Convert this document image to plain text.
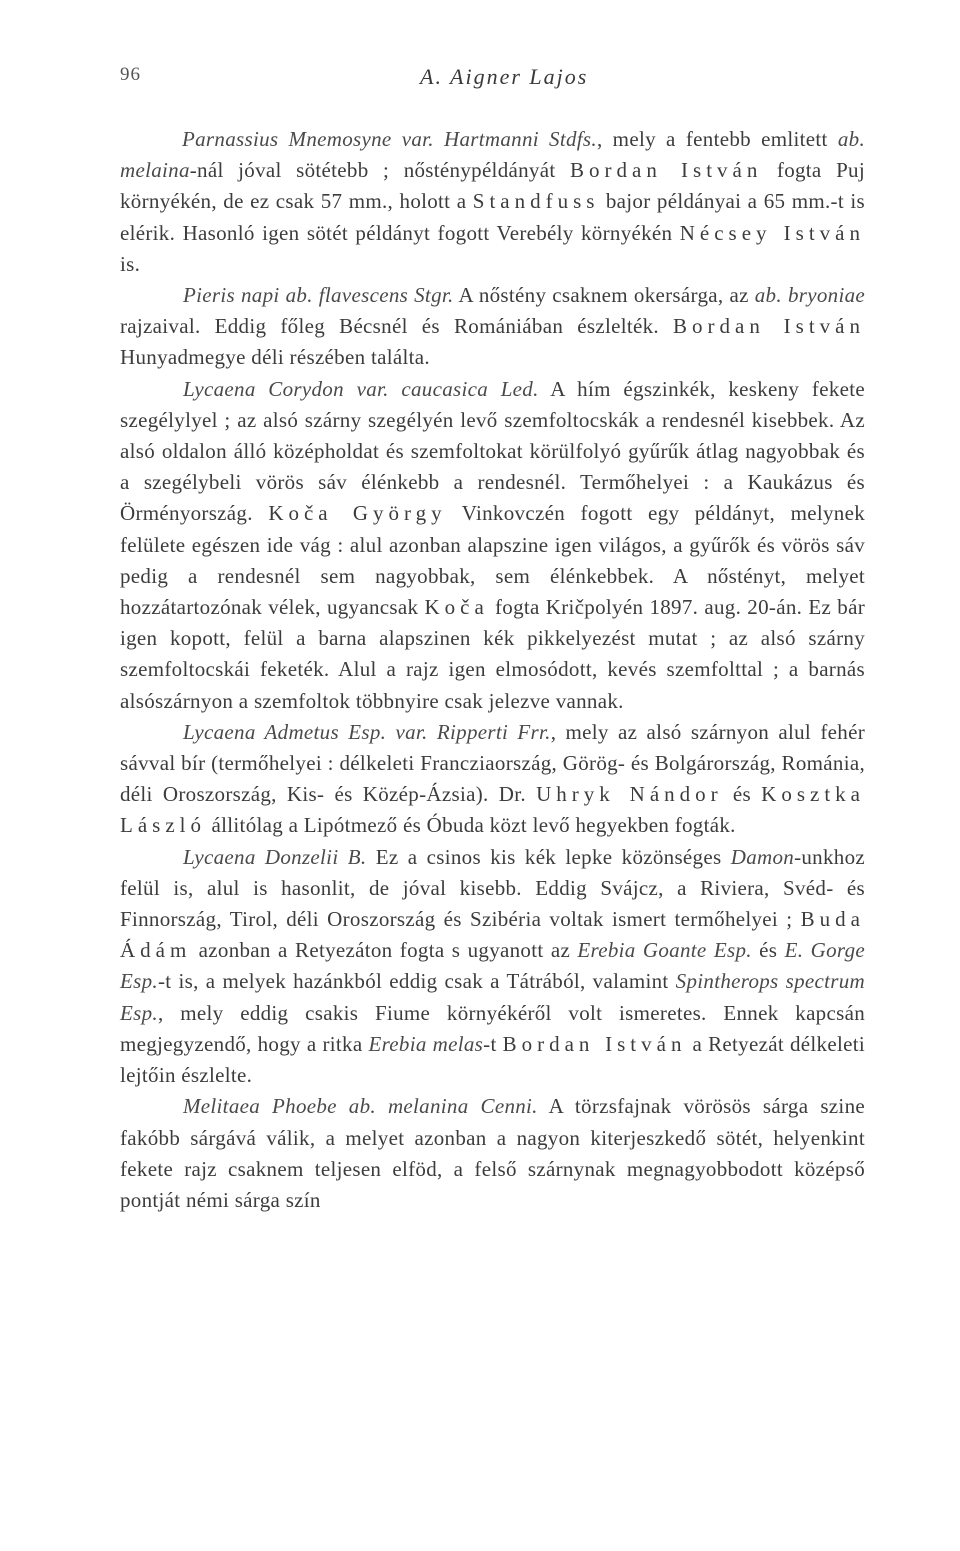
96	A. Aigner Lajos

Parnassius Mnemosyne var. Hartmanni Stdfs., mely a fentebb emlitett ab. melaina-nál jóval sötétebb ; nősténypéldányát Bordan István fogta Puj környékén, de ez csak 57 mm., holott a Standfuss bajor példányai a 65 mm.-t is elérik. Hasonló igen sötét példányt fogott Verebély környékén Nécsey István is.

Pieris napi ab. flavescens Stgr. A nőstény csaknem okersárga, az ab. bryoniae rajzaival. Eddig főleg Bécsnél és Romániában észlelték. Bordan István Hunyadmegye déli részében találta.

Lycaena Corydon var. caucasica Led. A hím égszinkék, keskeny fekete szegélylyel ; az alsó szárny szegélyén levő szemfoltocskák a rendesnél kisebbek. Az alsó oldalon álló középholdat és szemfoltokat körülfolyó gyűrűk átlag nagyobbak és a szegélybeli vörös sáv élénkebb a rendesnél. Termőhelyei : a Kaukázus és Örményország. Koča György Vinkovczén fogott egy példányt, melynek felülete egészen ide vág : alul azonban alapszine igen világos, a gyűrők és vörös sáv pedig a rendesnél sem nagyobbak, sem élénkebbek. A nőstényt, melyet hozzátartozónak vélek, ugyancsak Koča fogta Kričpolyén 1897. aug. 20-án. Ez bár igen kopott, felül a barna alapszinen kék pikkelyezést mutat ; az alsó szárny szemfoltocskái feketék. Alul a rajz igen elmosódott, kevés szemfolttal ; a barnás alsószárnyon a szemfoltok többnyire csak jelezve vannak.

Lycaena Admetus Esp. var. Ripperti Frr., mely az alsó szárnyon alul fehér sávval bír (termőhelyei : délkeleti Francziaország, Görög- és Bolgárország, Románia, déli Oroszország, Kis- és Közép-Ázsia). Dr. Uhryk Nándor és Kosztka László állitólag a Lipótmező és Óbuda közt levő hegyekben fogták.

Lycaena Donzelii B. Ez a csinos kis kék lepke közönséges Damon-unkhoz felül is, alul is hasonlit, de jóval kisebb. Eddig Svájcz, a Riviera, Svéd- és Finnország, Tirol, déli Oroszország és Szibéria voltak ismert termőhelyei ; Buda Ádám azonban a Retyezáton fogta s ugyanott az Erebia Goante Esp. és E. Gorge Esp.-t is, a melyek hazánkból eddig csak a Tátrából, valamint Spintherops spectrum Esp., mely eddig csakis Fiume környékéről volt ismeretes. Ennek kapcsán megjegyzendő, hogy a ritka Erebia melas-t Bordan István a Retyezát délkeleti lejtőin észlelte.

Melitaea Phoebe ab. melanina Cenni. A törzsfajnak vörösös sárga szine fakóbb sárgává válik, a melyet azonban a nagyon kiterjeszkedő sötét, helyenkint fekete rajz csaknem teljesen elföd, a felső szárnynak megnagyobbodott középső pontját némi sárga szín
